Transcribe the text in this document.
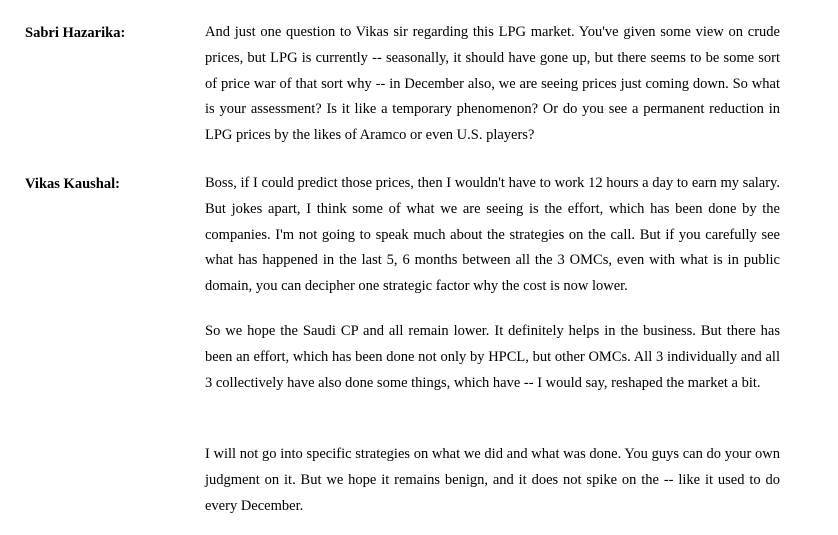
Sabri Hazarika:	And just one question to Vikas sir regarding this LPG market. You've given some view on crude prices, but LPG is currently -- seasonally, it should have gone up, but there seems to be some sort of price war of that sort why -- in December also, we are seeing prices just coming down. So what is your assessment? Is it like a temporary phenomenon? Or do you see a permanent reduction in LPG prices by the likes of Aramco or even U.S. players?

Vikas Kaushal:	Boss, if I could predict those prices, then I wouldn't have to work 12 hours a day to earn my salary. But jokes apart, I think some of what we are seeing is the effort, which has been done by the companies. I'm not going to speak much about the strategies on the call. But if you carefully see what has happened in the last 5, 6 months between all the 3 OMCs, even with what is in public domain, you can decipher one strategic factor why the cost is now lower.

So we hope the Saudi CP and all remain lower. It definitely helps in the business. But there has been an effort, which has been done not only by HPCL, but other OMCs. All 3 individually and all 3 collectively have also done some things, which have -- I would say, reshaped the market a bit.

I will not go into specific strategies on what we did and what was done. You guys can do your own judgment on it. But we hope it remains benign, and it does not spike on the -- like it used to do every December.
